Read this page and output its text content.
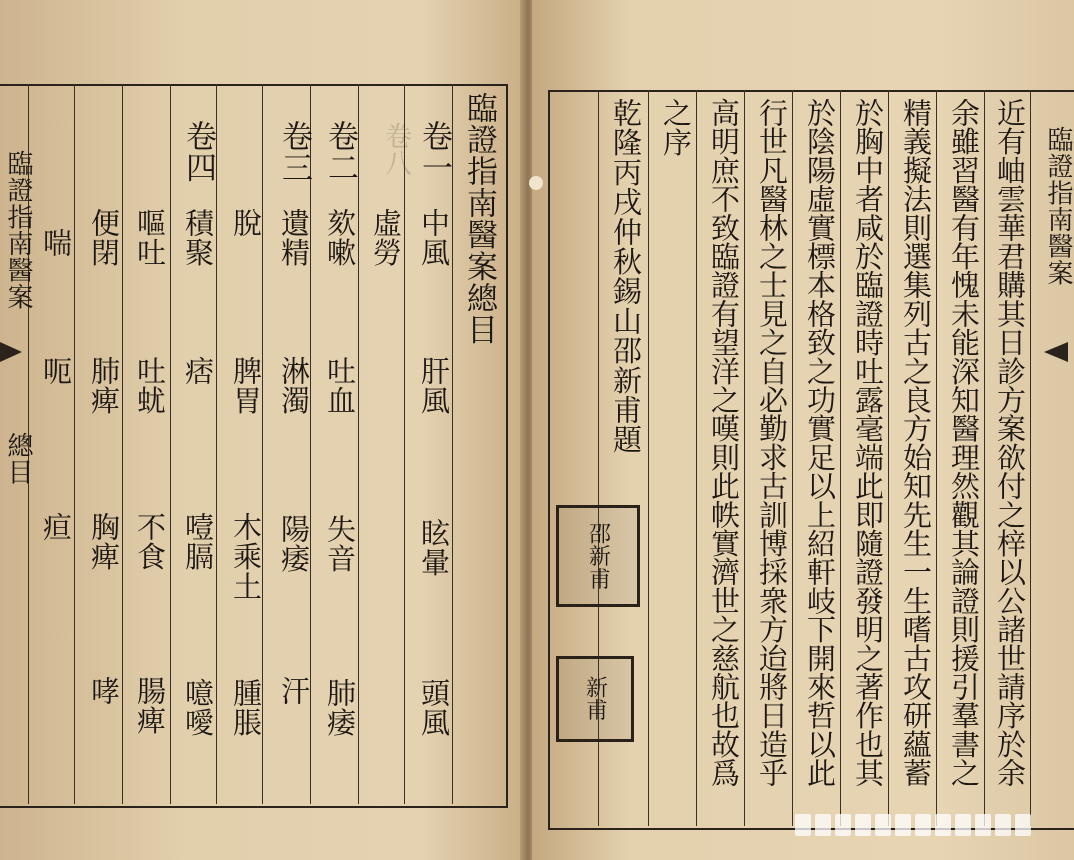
臨證指南醫案
總目
卷八 臨證指南醫案總目
卷一
中風
肝風
眩暈
頭風
虛勞
卷二
欬嗽
吐血
失音
肺痿
卷三
遺精
淋濁
陽痿
汗
脫
脾胃
木乘土
腫脹
卷四
積聚
痞
噎膈
噫噯
嘔吐
吐蚘
不食
腸痺
便閉
肺痺
胸痺
哮
喘
呃
疸
臨證指南醫案
近有岫雲華君購其日診方案欲付之梓以公諸世請序於余
余雖習醫有年愧未能深知醫理然觀其論證則援引羣書之
精義擬法則選集列古之良方始知先生一生嗜古攻研蘊蓄
於胸中者咸於臨證時吐露毫端此即隨證發明之著作也其
於陰陽虛實標本格致之功實足以上紹軒岐下開來哲以此
行世凡醫林之士見之自必勤求古訓博採衆方迨將日造乎
高明庶不致臨證有望洋之嘆則此帙實濟世之慈航也故爲
之序
乾隆丙戌仲秋錫山邵新甫題
邵新甫
新甫
